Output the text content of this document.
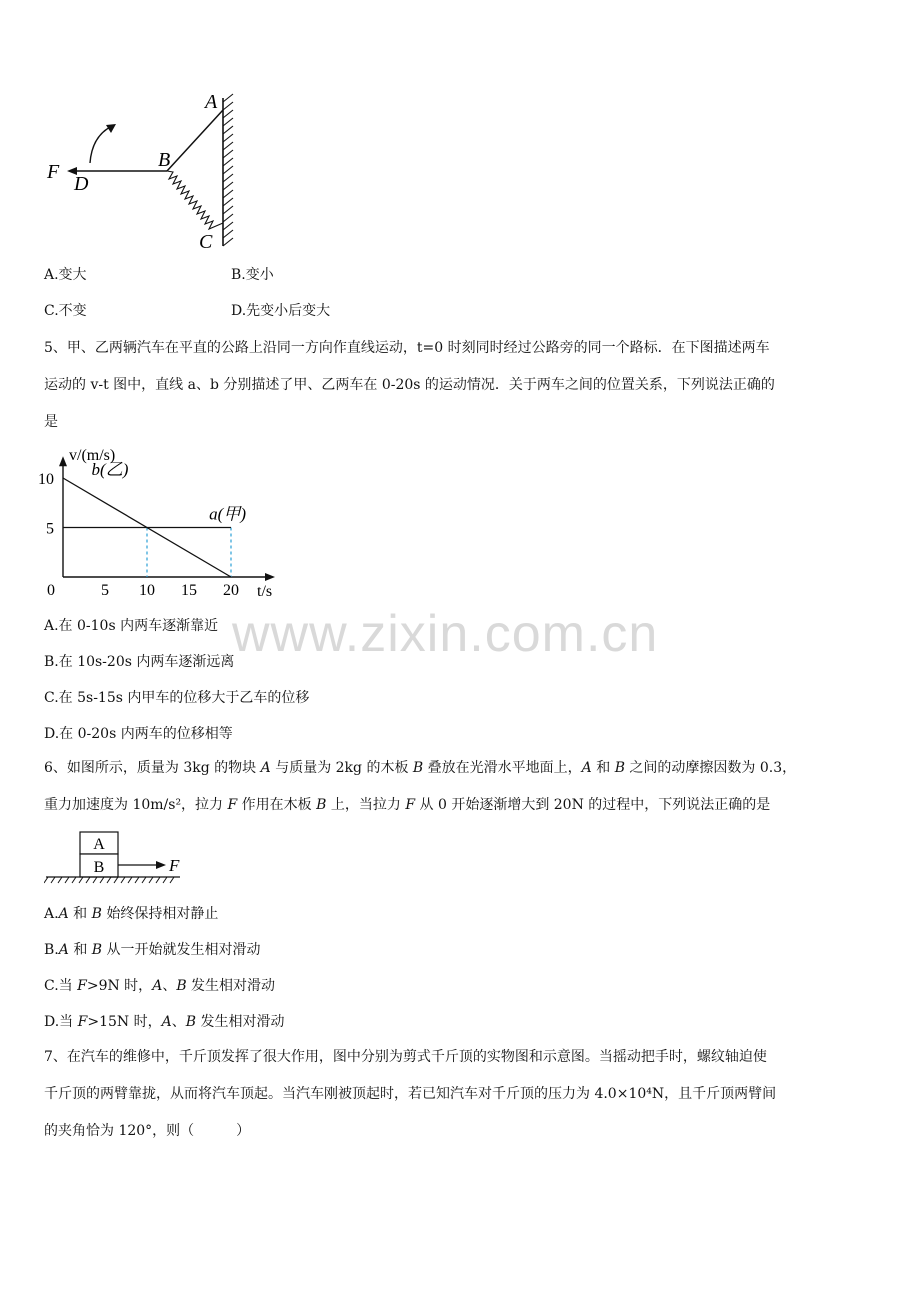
A
B
C
D
F
A.变大	B.变小
C.不变	D.先变小后变大
5、甲、乙两辆汽车在平直的公路上沿同一方向作直线运动，t=0 时刻同时经过公路旁的同一个路标．在下图描述两车
运动的 v-t 图中，直线 a、b 分别描述了甲、乙两车在 0-20s 的运动情况．关于两车之间的位置关系，下列说法正确的
是
a(甲)
b(乙)
0	5 10 15 20
5
10
v/(m/s)
t/s
A.在 0-10s 内两车逐渐靠近
B.在 10s-20s 内两车逐渐远离
C.在 5s-15s 内甲车的位移大于乙车的位移
D.在 0-20s 内两车的位移相等
6、如图所示，质量为 3kg 的物块 A 与质量为 2kg 的木板 B 叠放在光滑水平地面上，A 和 B 之间的动摩擦因数为 0.3，
重力加速度为 10m/s²，拉力 F 作用在木板 B 上，当拉力 F 从 0 开始逐渐增大到 20N 的过程中，下列说法正确的是
A
B	F
A.A 和 B 始终保持相对静止
B.A 和 B 从一开始就发生相对滑动
C.当 F>9N 时，A、B 发生相对滑动
D.当 F>15N 时，A、B 发生相对滑动
7、在汽车的维修中，千斤顶发挥了很大作用，图中分别为剪式千斤顶的实物图和示意图。当摇动把手时，螺纹轴迫使
千斤顶的两臂靠拢，从而将汽车顶起。当汽车刚被顶起时，若已知汽车对千斤顶的压力为 4.0×10⁴N，且千斤顶两臂间
的夹角恰为 120°，则（　　　）
www.zixin.com.cn
